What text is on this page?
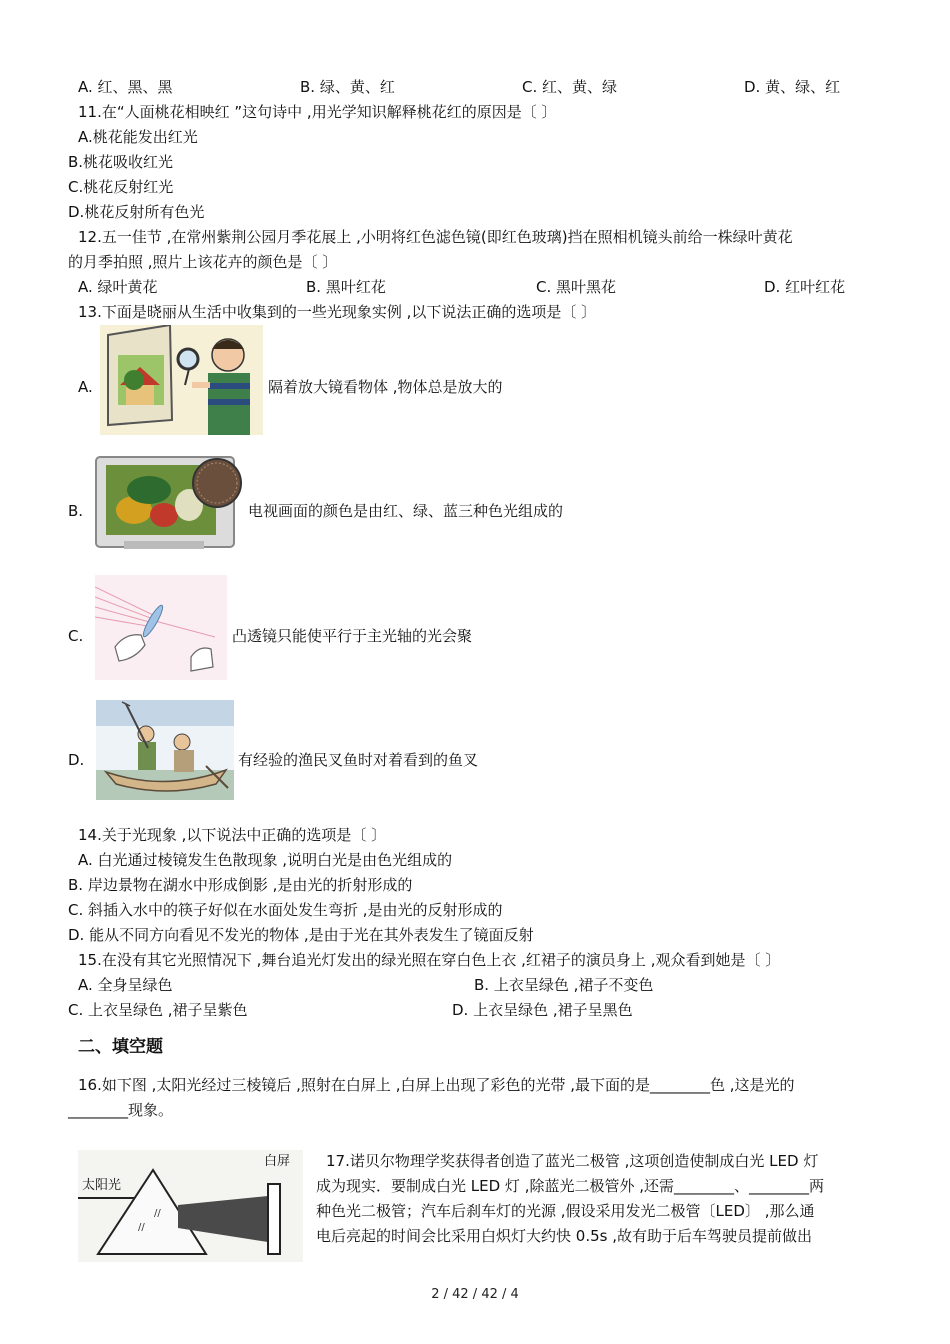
A. 红、黑、黑	B. 绿、黄、红	C. 红、黄、绿	D. 黄、绿、红
11.在“人面桃花相映红 ”这句诗中 ,用光学知识解释桃花红的原因是〔 〕
A.桃花能发出红光
B.桃花吸收红光
C.桃花反射红光
D.桃花反射所有色光
12.五一佳节 ,在常州紫荆公园月季花展上 ,小明将红色滤色镜(即红色玻璃)挡在照相机镜头前给一株绿叶黄花
的月季拍照 ,照片上该花卉的颜色是〔 〕
A. 绿叶黄花	B. 黑叶红花	C. 黑叶黑花	D. 红叶红花
13.下面是晓丽从生活中收集到的一些光现象实例 ,以下说法正确的选项是〔 〕
A.	隔着放大镜看物体 ,物体总是放大的
B.	电视画面的颜色是由红、绿、蓝三种色光组成的
C.	凸透镜只能使平行于主光轴的光会聚
D.	有经验的渔民叉鱼时对着看到的鱼叉
14.关于光现象 ,以下说法中正确的选项是〔 〕
A. 白光通过棱镜发生色散现象 ,说明白光是由色光组成的
B. 岸边景物在湖水中形成倒影 ,是由光的折射形成的
C. 斜插入水中的筷子好似在水面处发生弯折 ,是由光的反射形成的
D. 能从不同方向看见不发光的物体 ,是由于光在其外表发生了镜面反射
15.在没有其它光照情况下 ,舞台追光灯发出的绿光照在穿白色上衣 ,红裙子的演员身上 ,观众看到她是〔 〕
A. 全身呈绿色	B. 上衣呈绿色 ,裙子不变色
C. 上衣呈绿色 ,裙子呈紫色	D. 上衣呈绿色 ,裙子呈黑色
二、填空题
16.如下图 ,太阳光经过三棱镜后 ,照射在白屏上 ,白屏上出现了彩色的光带 ,最下面的是________色 ,这是光的
________现象。
//
//
太阳光
白屏 17.诺贝尔物理学奖获得者创造了蓝光二极管 ,这项创造使制成白光 LED 灯
成为现实．要制成白光 LED 灯 ,除蓝光二极管外 ,还需________、________两
种色光二极管；汽车后刹车灯的光源 ,假设采用发光二极管〔LED〕 ,那么通
电后亮起的时间会比采用白炽灯大约快 0.5s ,故有助于后车驾驶员提前做出
2 / 42 / 42 / 4
